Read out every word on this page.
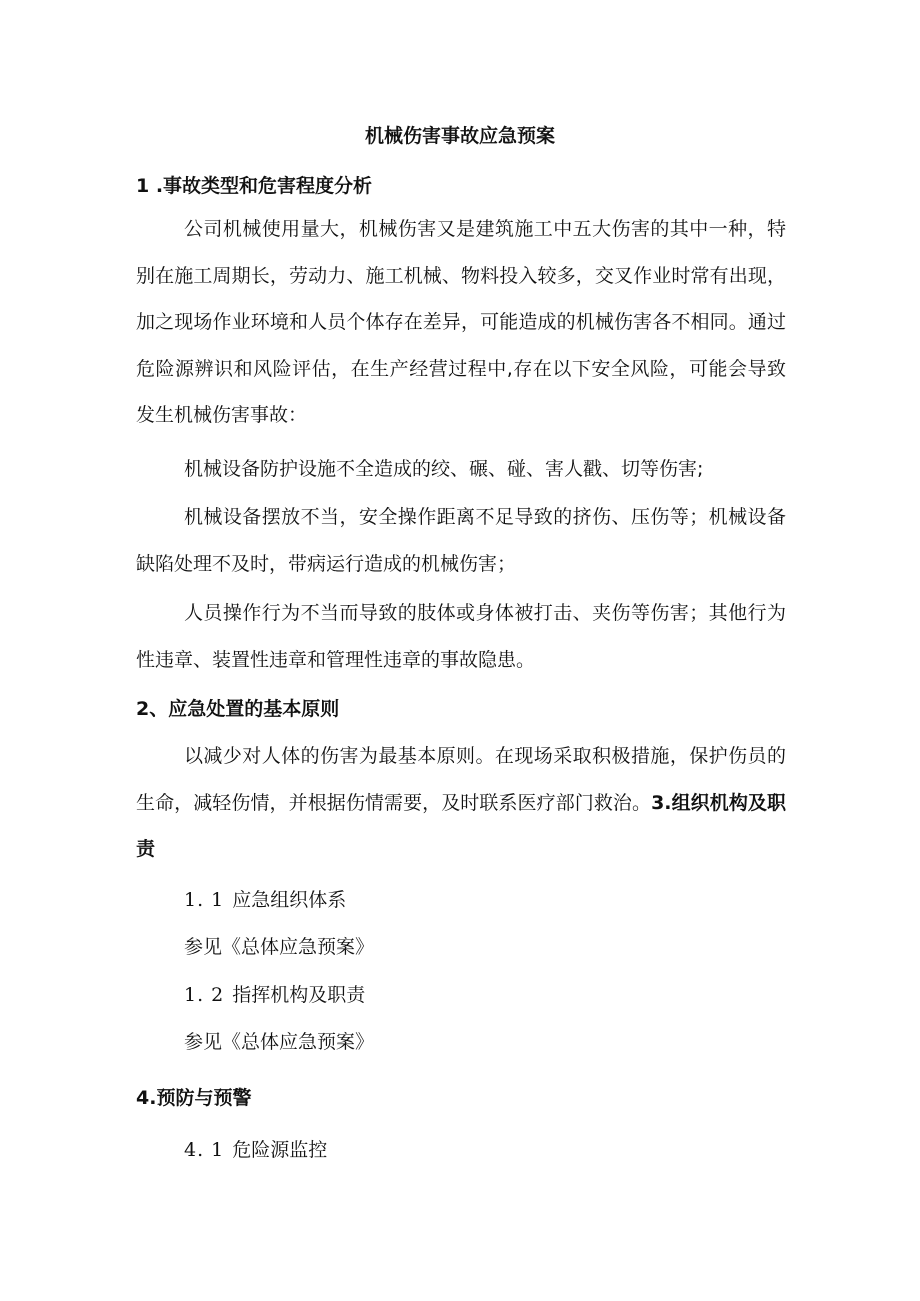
机械伤害事故应急预案
1 .事故类型和危害程度分析
公司机械使用量大，机械伤害又是建筑施工中五大伤害的其中一种，特别在施工周期长，劳动力、施工机械、物料投入较多，交叉作业时常有出现，加之现场作业环境和人员个体存在差异，可能造成的机械伤害各不相同。通过危险源辨识和风险评估，在生产经营过程中,存在以下安全风险，可能会导致发生机械伤害事故：
机械设备防护设施不全造成的绞、碾、碰、害人戳、切等伤害;
机械设备摆放不当，安全操作距离不足导致的挤伤、压伤等；机械设备缺陷处理不及时，带病运行造成的机械伤害；
人员操作行为不当而导致的肢体或身体被打击、夹伤等伤害；其他行为性违章、装置性违章和管理性违章的事故隐患。
2、应急处置的基本原则
以减少对人体的伤害为最基本原则。在现场采取积极措施，保护伤员的生命，减轻伤情，并根据伤情需要，及时联系医疗部门救治。3.组织机构及职责
1. 1 应急组织体系
参见《总体应急预案》
1. 2 指挥机构及职责
参见《总体应急预案》
4.预防与预警
4. 1 危险源监控
